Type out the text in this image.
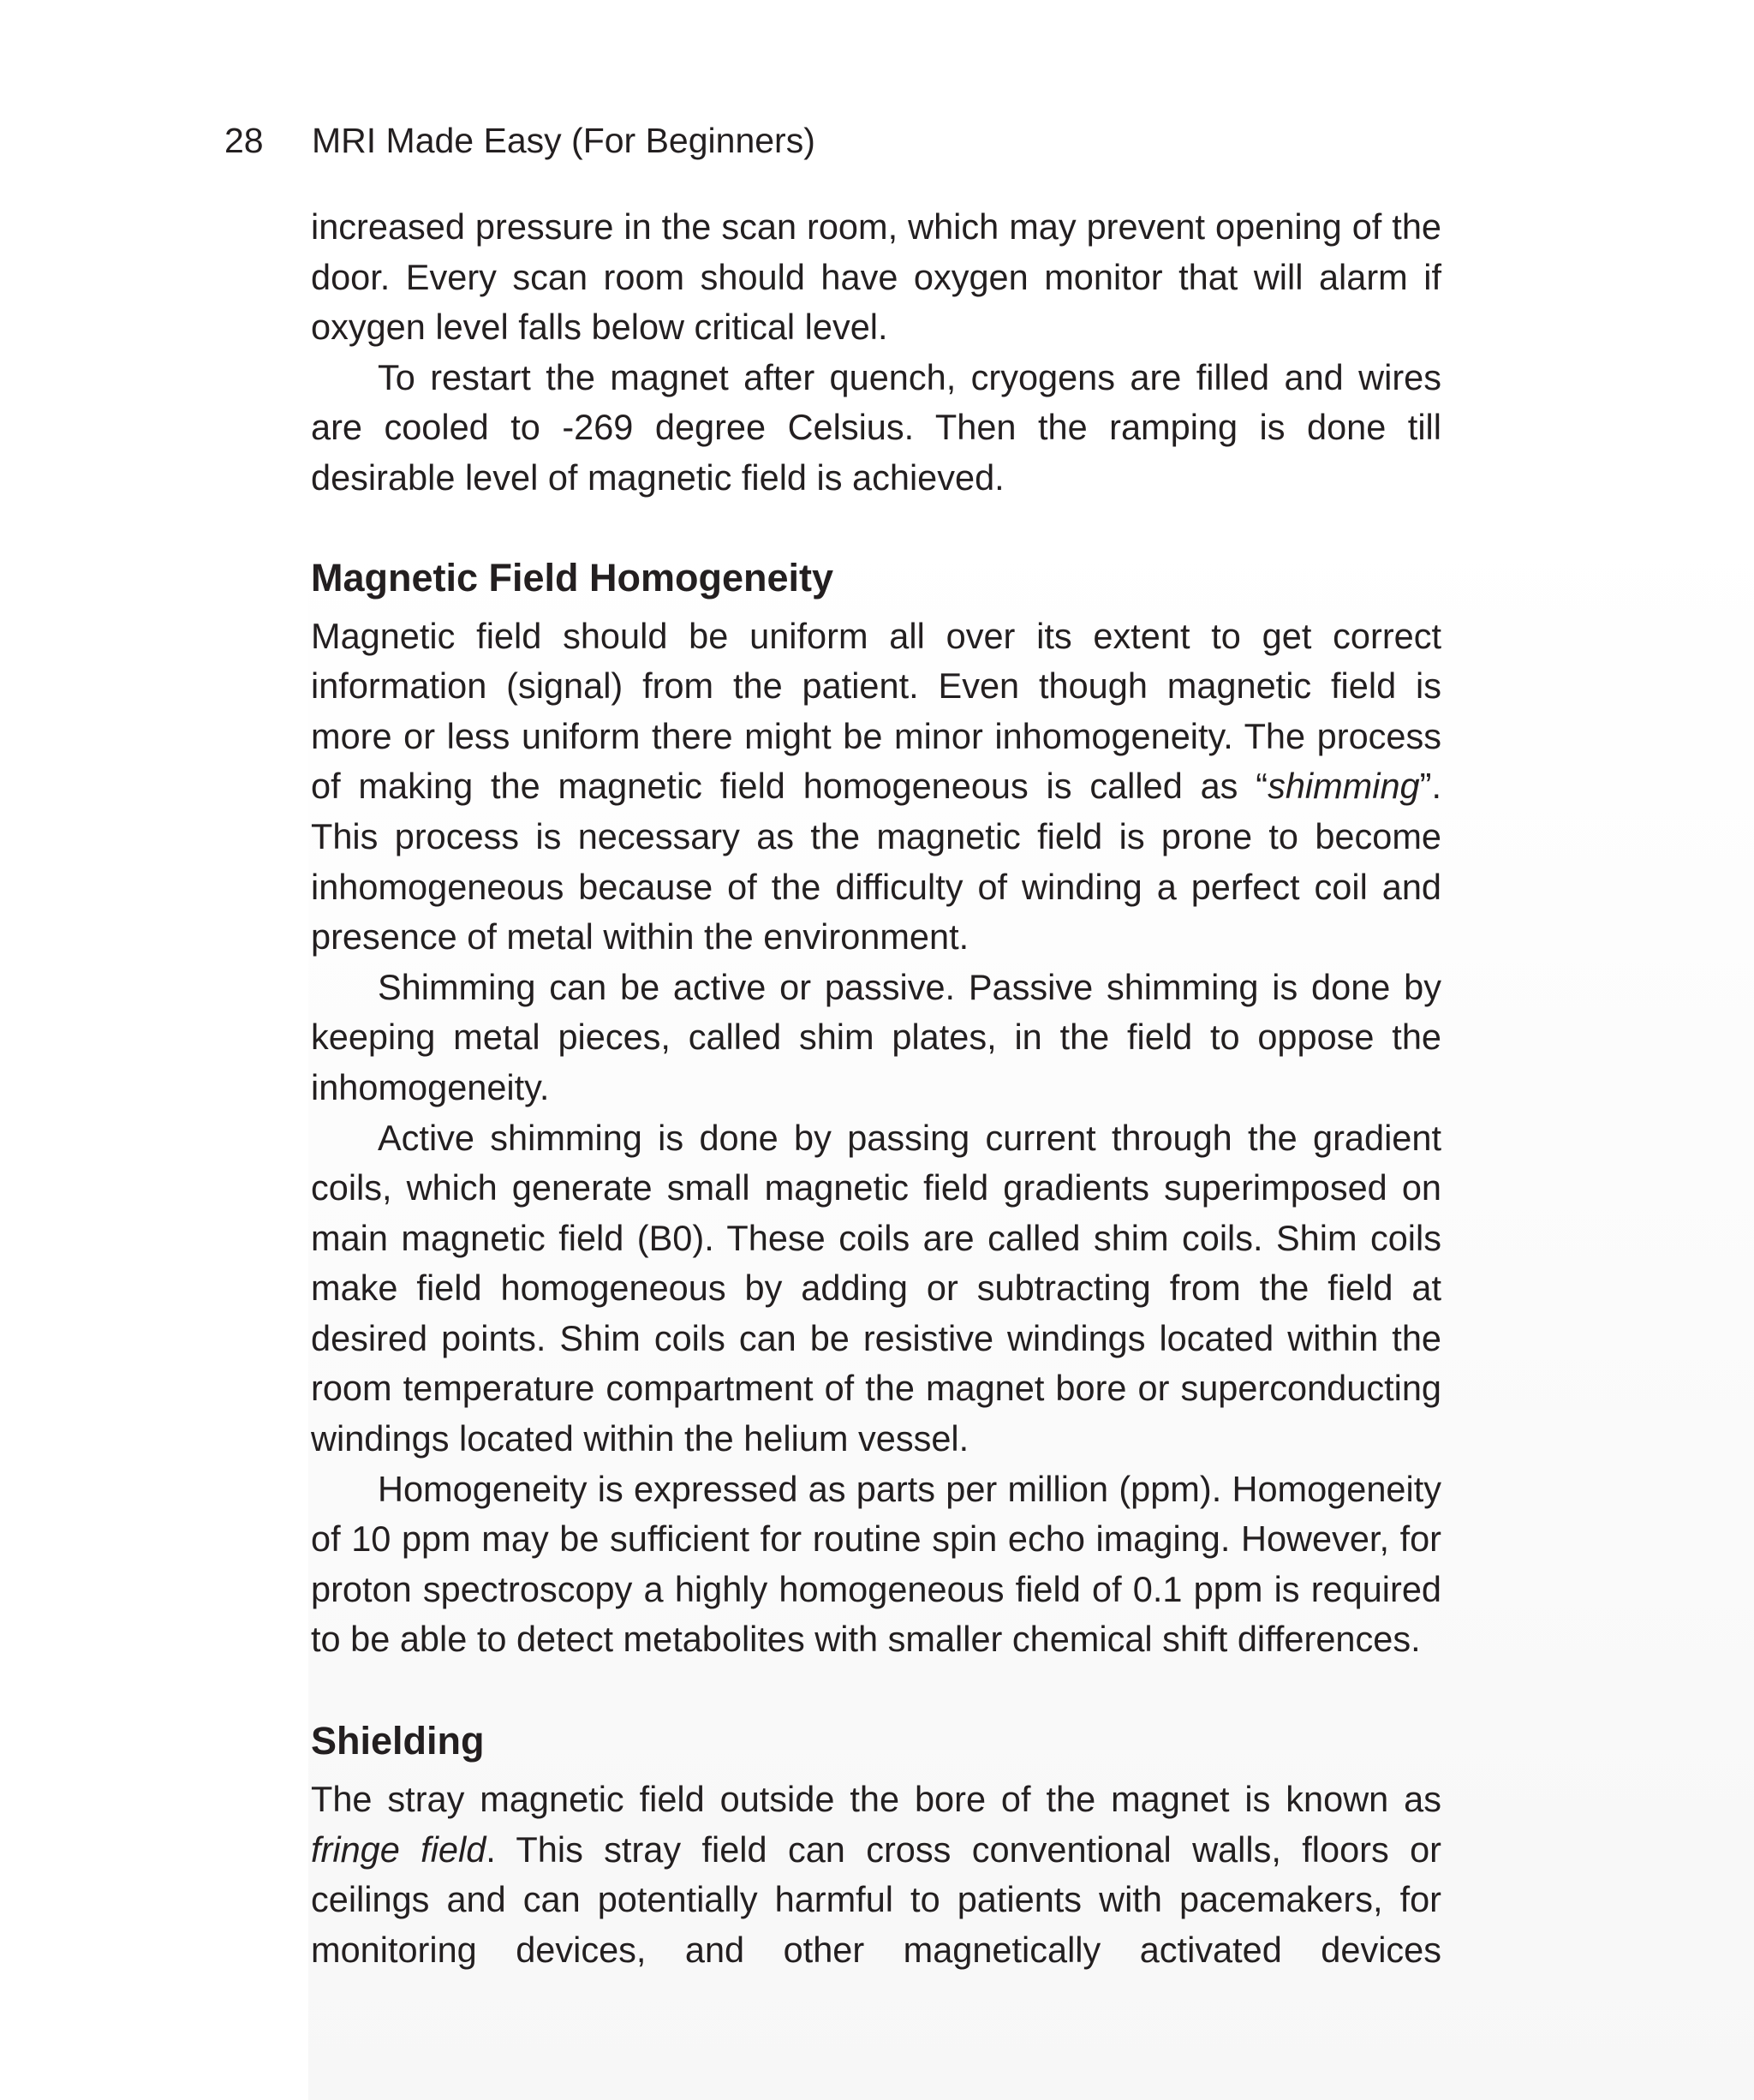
28 MRI Made Easy (For Beginners)

increased pressure in the scan room, which may prevent opening of the door. Every scan room should have oxygen monitor that will alarm if oxygen level falls below critical level.

To restart the magnet after quench, cryogens are filled and wires are cooled to -269 degree Celsius. Then the ramping is done till desirable level of magnetic field is achieved.

Magnetic Field Homogeneity

Magnetic field should be uniform all over its extent to get correct information (signal) from the patient. Even though magnetic field is more or less uniform there might be minor inhomogeneity. The process of making the magnetic field homogeneous is called as “shimming”. This process is necessary as the magnetic field is prone to become inhomogeneous because of the difficulty of winding a perfect coil and presence of metal within the environment.

Shimming can be active or passive. Passive shimming is done by keeping metal pieces, called shim plates, in the field to oppose the inhomogeneity.

Active shimming is done by passing current through the gradient coils, which generate small magnetic field gradients superimposed on main magnetic field (B0). These coils are called shim coils. Shim coils make field homogeneous by adding or subtracting from the field at desired points. Shim coils can be resistive windings located within the room temperature compartment of the magnet bore or superconducting windings located within the helium vessel.

Homogeneity is expressed as parts per million (ppm). Homogeneity of 10 ppm may be sufficient for routine spin echo imaging. However, for proton spectroscopy a highly homogeneous field of 0.1 ppm is required to be able to detect metabolites with smaller chemical shift differences.

Shielding

The stray magnetic field outside the bore of the magnet is known as fringe field. This stray field can cross conventional walls, floors or ceilings and can potentially harmful to patients with pacemakers, for monitoring devices, and other magnetically activated devices
